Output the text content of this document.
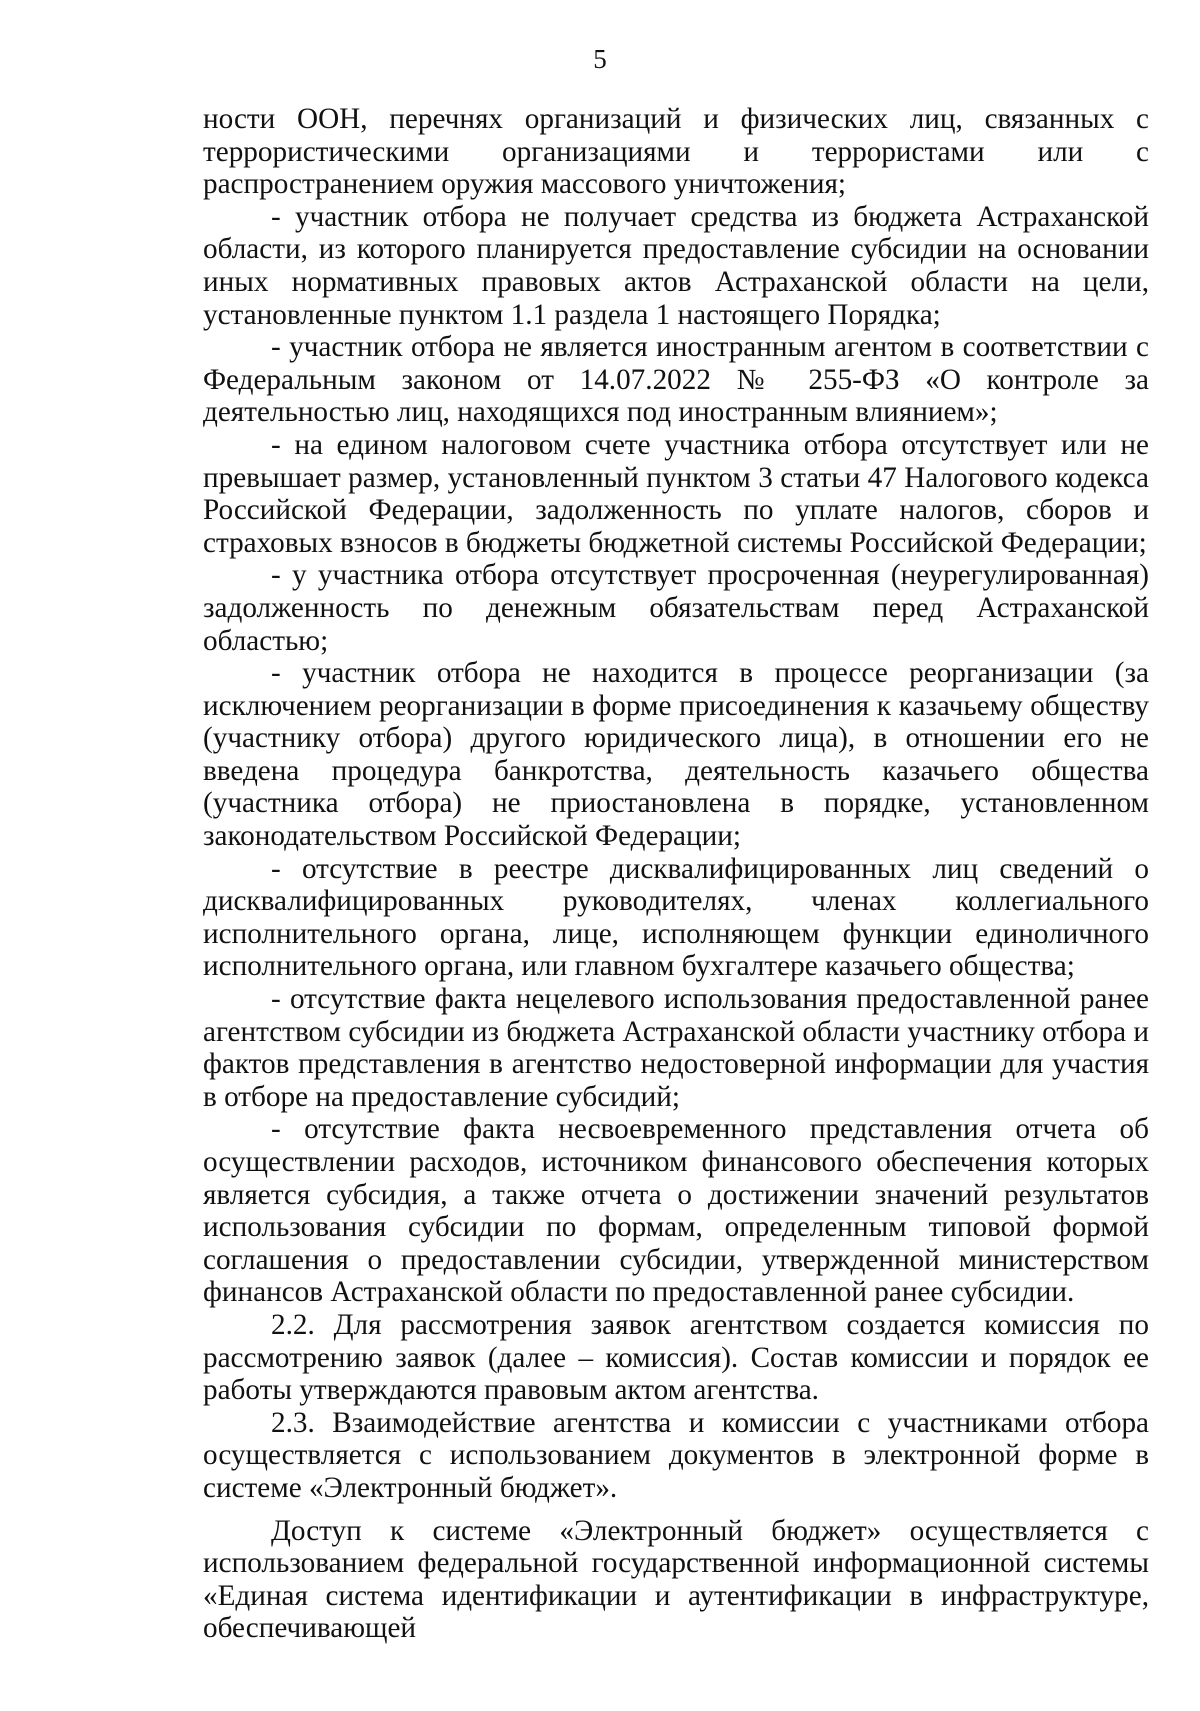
5

ности ООН, перечнях организаций и физических лиц, связанных с террористическими организациями и террористами или с распространением оружия массового уничтожения;

- участник отбора не получает средства из бюджета Астраханской области, из которого планируется предоставление субсидии на основании иных нормативных правовых актов Астраханской области на цели, установленные пунктом 1.1 раздела 1 настоящего Порядка;

- участник отбора не является иностранным агентом в соответствии с Федеральным законом от 14.07.2022 № 255-ФЗ «О контроле за деятельностью лиц, находящихся под иностранным влиянием»;

- на едином налоговом счете участника отбора отсутствует или не превышает размер, установленный пунктом 3 статьи 47 Налогового кодекса Российской Федерации, задолженность по уплате налогов, сборов и страховых взносов в бюджеты бюджетной системы Российской Федерации;

- у участника отбора отсутствует просроченная (неурегулированная) задолженность по денежным обязательствам перед Астраханской областью;

- участник отбора не находится в процессе реорганизации (за исключением реорганизации в форме присоединения к казачьему обществу (участнику отбора) другого юридического лица), в отношении его не введена процедура банкротства, деятельность казачьего общества (участника отбора) не приостановлена в порядке, установленном законодательством Российской Федерации;

- отсутствие в реестре дисквалифицированных лиц сведений о дисквалифицированных руководителях, членах коллегиального исполнительного органа, лице, исполняющем функции единоличного исполнительного органа, или главном бухгалтере казачьего общества;

- отсутствие факта нецелевого использования предоставленной ранее агентством субсидии из бюджета Астраханской области участнику отбора и фактов представления в агентство недостоверной информации для участия в отборе на предоставление субсидий;

- отсутствие факта несвоевременного представления отчета об осуществлении расходов, источником финансового обеспечения которых является субсидия, а также отчета о достижении значений результатов использования субсидии по формам, определенным типовой формой соглашения о предоставлении субсидии, утвержденной министерством финансов Астраханской области по предоставленной ранее субсидии.

2.2. Для рассмотрения заявок агентством создается комиссия по рассмотрению заявок (далее – комиссия). Состав комиссии и порядок ее работы утверждаются правовым актом агентства.

2.3. Взаимодействие агентства и комиссии с участниками отбора осуществляется с использованием документов в электронной форме в системе «Электронный бюджет».

Доступ к системе «Электронный бюджет» осуществляется с использованием федеральной государственной информационной системы «Единая система идентификации и аутентификации в инфраструктуре, обеспечивающей
